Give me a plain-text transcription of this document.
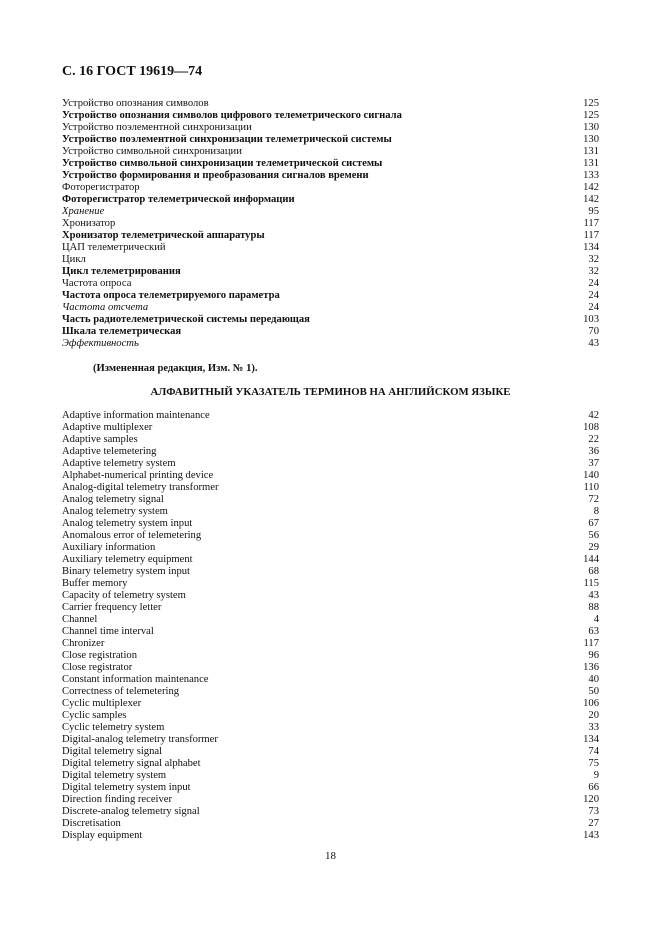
С. 16 ГОСТ 19619—74
Устройство опознания символов	125
Устройство опознания символов цифрового телеметрического сигнала	125
Устройство поэлементной синхронизации	130
Устройство поэлементной синхронизации телеметрической системы	130
Устройство символьной синхронизации	131
Устройство символьной синхронизации телеметрической системы	131
Устройство формирования и преобразования сигналов времени	133
Фоторегистратор	142
Фоторегистратор телеметрической информации	142
Хранение	95
Хронизатор	117
Хронизатор телеметрической аппаратуры	117
ЦАП телеметрический	134
Цикл	32
Цикл телеметрирования	32
Частота опроса	24
Частота опроса телеметрируемого параметра	24
Частота отсчета	24
Часть радиотелеметрической системы передающая	103
Шкала телеметрическая	70
Эффективность	43
(Измененная редакция, Изм. № 1).
АЛФАВИТНЫЙ УКАЗАТЕЛЬ ТЕРМИНОВ НА АНГЛИЙСКОМ ЯЗЫКЕ
Adaptive information maintenance	42
Adaptive multiplexer	108
Adaptive samples	22
Adaptive telemetering	36
Adaptive telemetry system	37
Alphabet-numerical printing device	140
Analog-digital telemetry transformer	110
Analog telemetry signal	72
Analog telemetry system	8
Analog telemetry system input	67
Anomalous error of telemetering	56
Auxiliary information	29
Auxiliary telemetry equipment	144
Binary telemetry system input	68
Buffer memory	115
Capacity of telemetry system	43
Carrier frequency letter	88
Channel	4
Channel time interval	63
Chronizer	117
Close registration	96
Close registrator	136
Constant information maintenance	40
Correctness of telemetering	50
Cyclic multiplexer	106
Cyclic samples	20
Cyclic telemetry system	33
Digital-analog telemetry transformer	134
Digital telemetry signal	74
Digital telemetry signal alphabet	75
Digital telemetry system	9
Digital telemetry system input	66
Direction finding receiver	120
Discrete-analog telemetry signal	73
Discretisation	27
Display equipment	143
18
